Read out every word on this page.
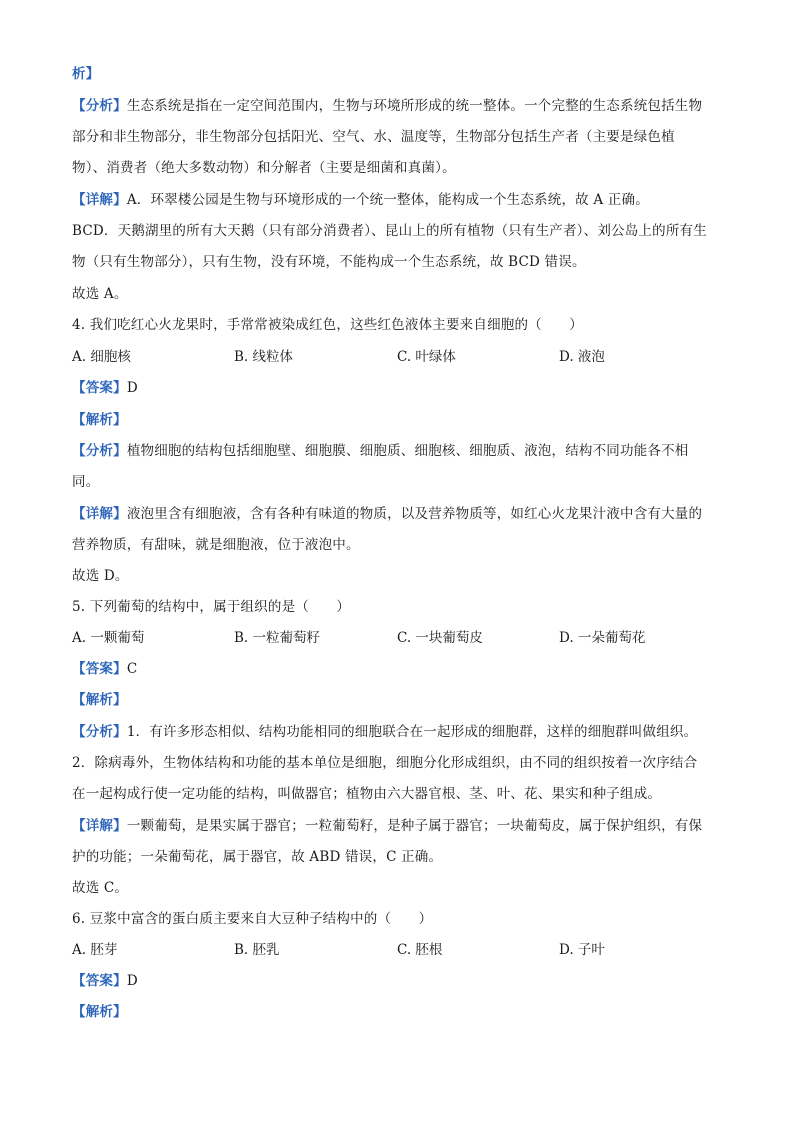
析】
【分析】生态系统是指在一定空间范围内，生物与环境所形成的统一整体。一个完整的生态系统包括生物
部分和非生物部分，非生物部分包括阳光、空气、水、温度等，生物部分包括生产者（主要是绿色植
物）、消费者（绝大多数动物）和分解者（主要是细菌和真菌）。
【详解】A．环翠楼公园是生物与环境形成的一个统一整体，能构成一个生态系统，故 A 正确。
BCD．天鹅湖里的所有大天鹅（只有部分消费者）、昆山上的所有植物（只有生产者）、刘公岛上的所有生
物（只有生物部分），只有生物，没有环境，不能构成一个生态系统，故 BCD 错误。
故选 A。
4. 我们吃红心火龙果时，手常常被染成红色，这些红色液体主要来自细胞的（　　）
A. 细胞核	B. 线粒体	C. 叶绿体	D. 液泡
【答案】D
【解析】
【分析】植物细胞的结构包括细胞壁、细胞膜、细胞质、细胞核、细胞质、液泡，结构不同功能各不相
同。
【详解】液泡里含有细胞液，含有各种有味道的物质，以及营养物质等，如红心火龙果汁液中含有大量的
营养物质，有甜味，就是细胞液，位于液泡中。
故选 D。
5. 下列葡萄的结构中，属于组织的是（　　）
A. 一颗葡萄	B. 一粒葡萄籽	C. 一块葡萄皮	D. 一朵葡萄花
【答案】C
【解析】
【分析】1．有许多形态相似、结构功能相同的细胞联合在一起形成的细胞群，这样的细胞群叫做组织。
2．除病毒外，生物体结构和功能的基本单位是细胞，细胞分化形成组织，由不同的组织按着一次序结合
在一起构成行使一定功能的结构，叫做器官；植物由六大器官根、茎、叶、花、果实和种子组成。
【详解】一颗葡萄，是果实属于器官；一粒葡萄籽，是种子属于器官；一块葡萄皮，属于保护组织，有保
护的功能；一朵葡萄花，属于器官，故 ABD 错误，C 正确。
故选 C。
6. 豆浆中富含的蛋白质主要来自大豆种子结构中的（　　）
A. 胚芽	B. 胚乳	C. 胚根	D. 子叶
【答案】D
【解析】
